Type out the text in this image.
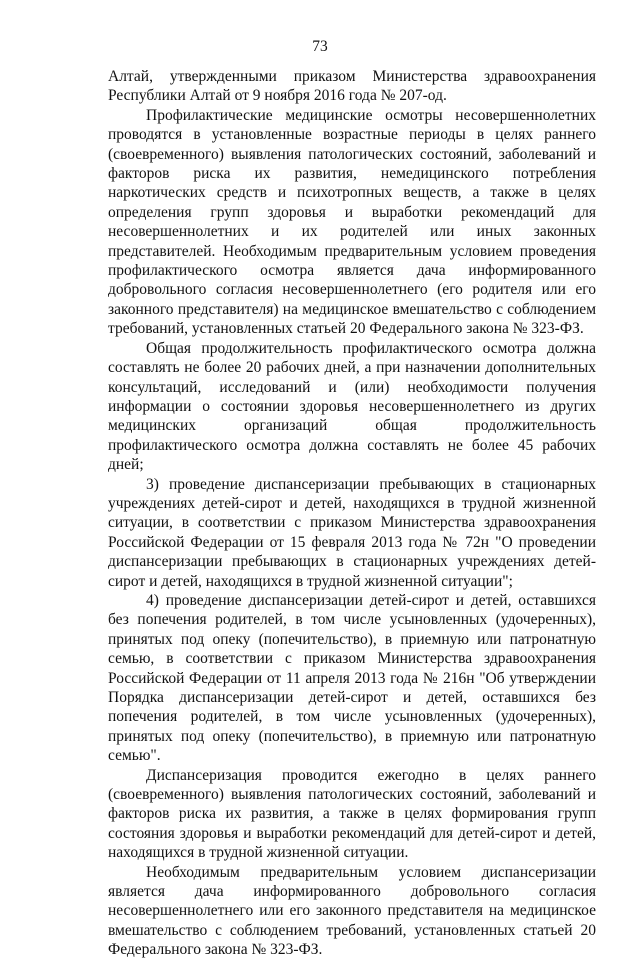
73

Алтай, утвержденными приказом Министерства здравоохранения Республики Алтай от 9 ноября 2016 года № 207-од.

Профилактические медицинские осмотры несовершеннолетних проводятся в установленные возрастные периоды в целях раннего (своевременного) выявления патологических состояний, заболеваний и факторов риска их развития, немедицинского потребления наркотических средств и психотропных веществ, а также в целях определения групп здоровья и выработки рекомендаций для несовершеннолетних и их родителей или иных законных представителей. Необходимым предварительным условием проведения профилактического осмотра является дача информированного добровольного согласия несовершеннолетнего (его родителя или его законного представителя) на медицинское вмешательство с соблюдением требований, установленных статьей 20 Федерального закона № 323-ФЗ.

Общая продолжительность профилактического осмотра должна составлять не более 20 рабочих дней, а при назначении дополнительных консультаций, исследований и (или) необходимости получения информации о состоянии здоровья несовершеннолетнего из других медицинских организаций общая продолжительность профилактического осмотра должна составлять не более 45 рабочих дней;

3) проведение диспансеризации пребывающих в стационарных учреждениях детей-сирот и детей, находящихся в трудной жизненной ситуации, в соответствии с приказом Министерства здравоохранения Российской Федерации от 15 февраля 2013 года № 72н "О проведении диспансеризации пребывающих в стационарных учреждениях детей-сирот и детей, находящихся в трудной жизненной ситуации";

4) проведение диспансеризации детей-сирот и детей, оставшихся без попечения родителей, в том числе усыновленных (удочеренных), принятых под опеку (попечительство), в приемную или патронатную семью, в соответствии с приказом Министерства здравоохранения Российской Федерации от 11 апреля 2013 года № 216н "Об утверждении Порядка диспансеризации детей-сирот и детей, оставшихся без попечения родителей, в том числе усыновленных (удочеренных), принятых под опеку (попечительство), в приемную или патронатную семью".

Диспансеризация проводится ежегодно в целях раннего (своевременного) выявления патологических состояний, заболеваний и факторов риска их развития, а также в целях формирования групп состояния здоровья и выработки рекомендаций для детей-сирот и детей, находящихся в трудной жизненной ситуации.

Необходимым предварительным условием диспансеризации является дача информированного добровольного согласия несовершеннолетнего или его законного представителя на медицинское вмешательство с соблюдением требований, установленных статьей 20 Федерального закона № 323-ФЗ.
